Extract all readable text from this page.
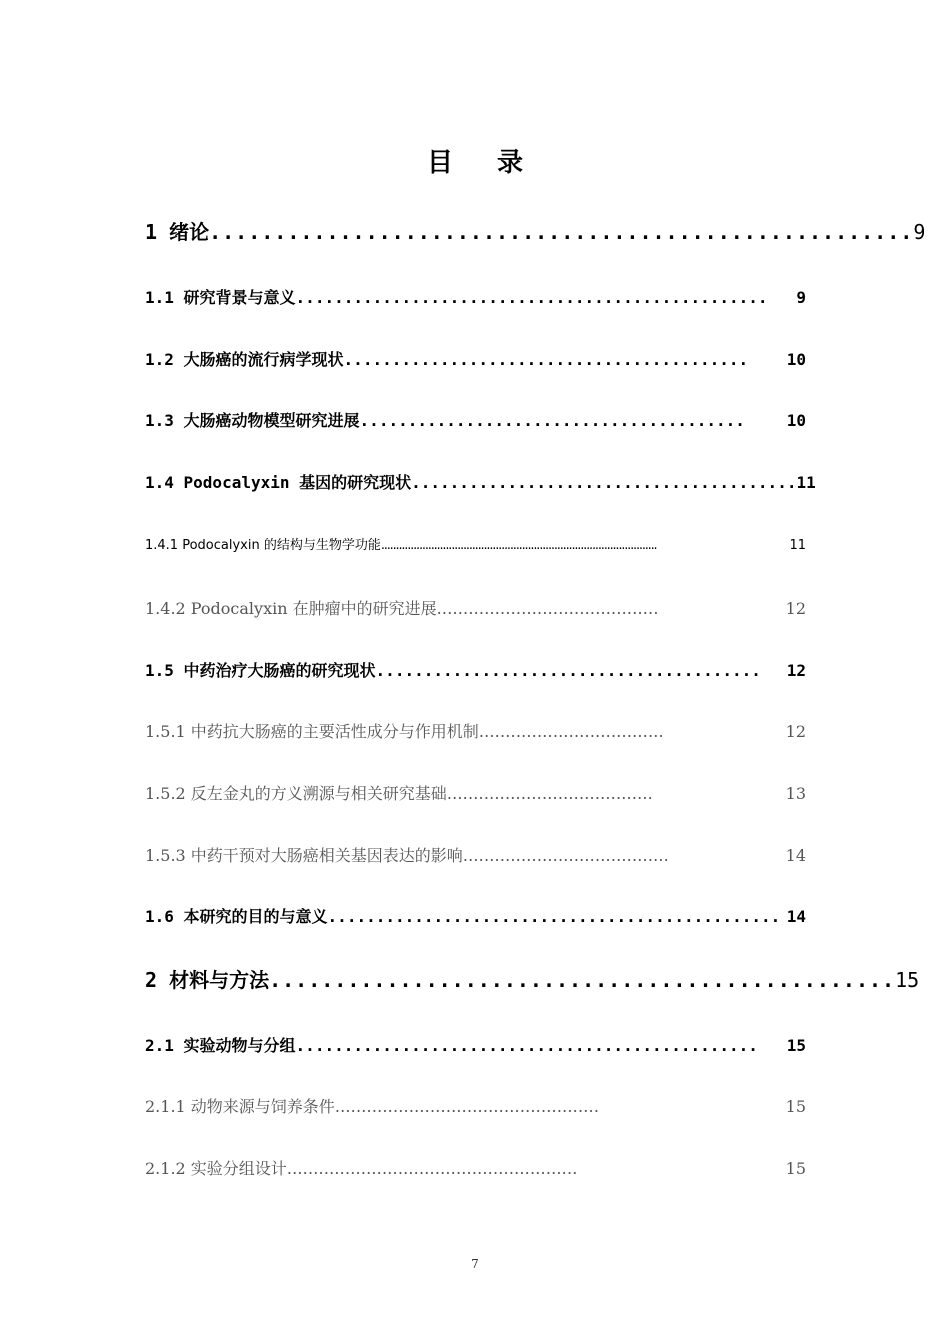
目录
1 绪论 ...................................................... 9
1.1 研究背景与意义 .................................................	9
1.2 大肠癌的流行病学现状 ..........................................	10
1.3 大肠癌动物模型研究进展 ........................................	10
1.4 Podocalyxin 基因的研究现状 ........................................ 11
1.4.1 Podocalyxin 的结构与生物学功能 ..............................................................................................	11
1.4.2 Podocalyxin 在肿瘤中的研究进展 ..........................................	12
1.5 中药治疗大肠癌的研究现状 ........................................	12
1.5.1 中药抗大肠癌的主要活性成分与作用机制 ...................................	12
1.5.2 反左金丸的方义溯源与相关研究基础 .......................................	13
1.5.3 中药干预对大肠癌相关基因表达的影响 .......................................	14
1.6 本研究的目的与意义 ............................................... 14
2 材料与方法 ................................................ 15
2.1 实验动物与分组 ................................................	15
2.1.1 动物来源与饲养条件 ..................................................	15
2.1.2 实验分组设计 .......................................................	15
7
